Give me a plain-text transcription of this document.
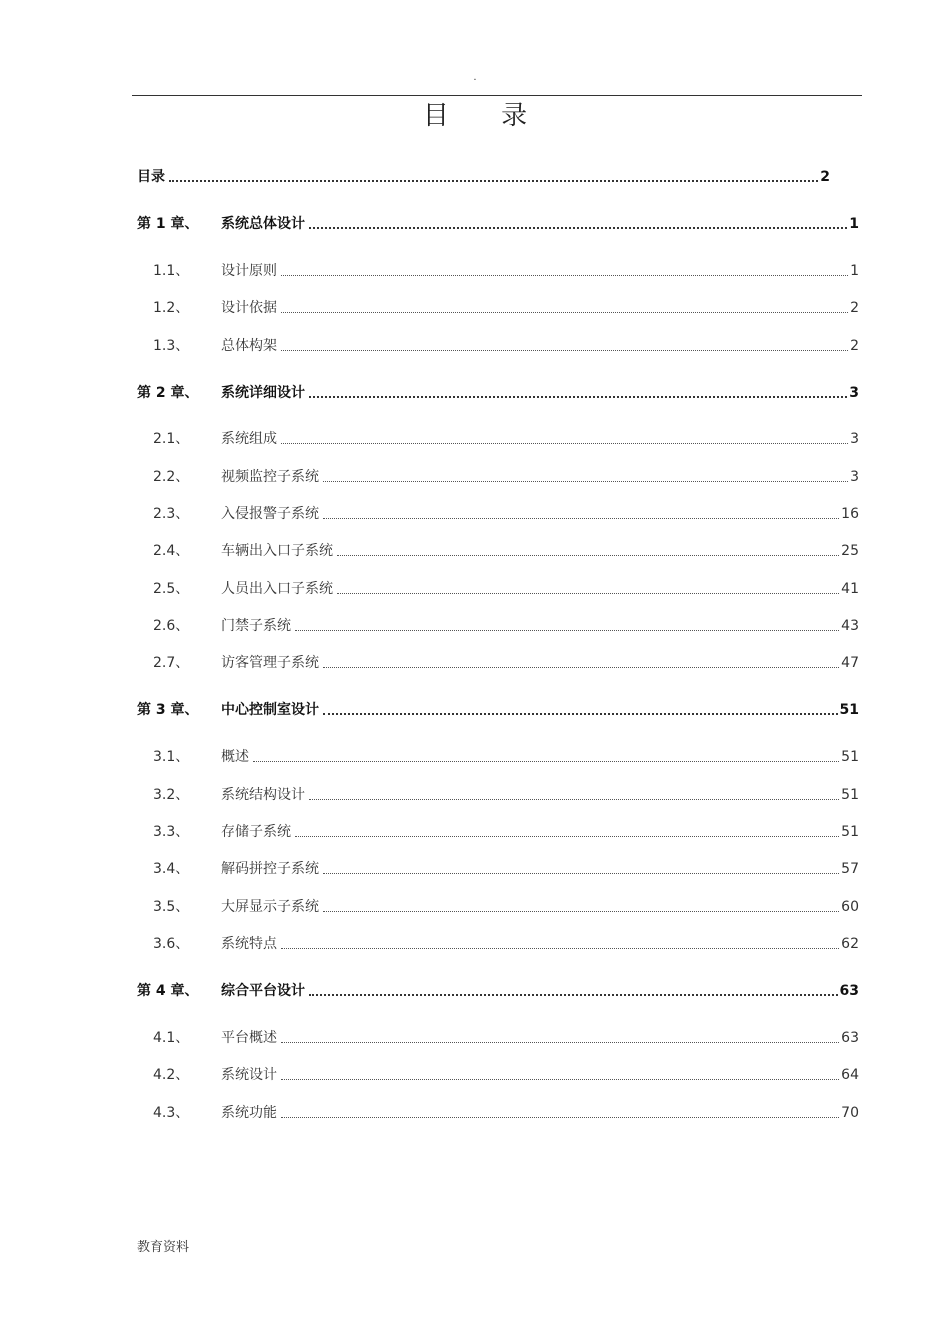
.
目 录
目录	2
第 1 章、	系统总体设计	1
1.1、	设计原则	1
1.2、	设计依据	2
1.3、	总体构架	2
第 2 章、	系统详细设计	3
2.1、	系统组成	3
2.2、	视频监控子系统	3
2.3、	入侵报警子系统	16
2.4、	车辆出入口子系统	25
2.5、	人员出入口子系统	41
2.6、	门禁子系统	43
2.7、	访客管理子系统	47
第 3 章、	中心控制室设计	51
3.1、	概述	51
3.2、	系统结构设计	51
3.3、	存储子系统	51
3.4、	解码拼控子系统	57
3.5、	大屏显示子系统	60
3.6、	系统特点	62
第 4 章、	综合平台设计	63
4.1、	平台概述	63
4.2、	系统设计	64
4.3、	系统功能	70
教育资料
